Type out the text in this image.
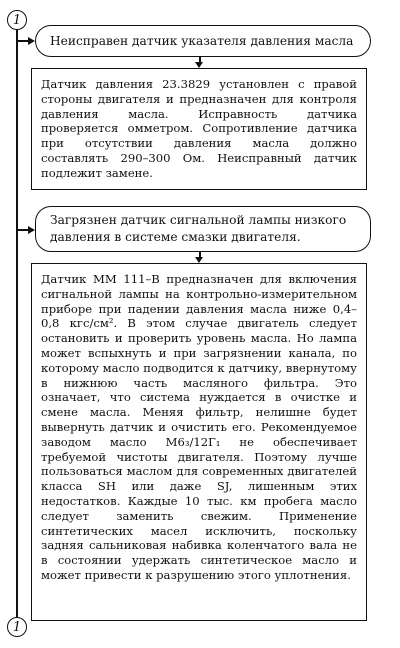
1
Неисправен датчик указателя давления масла
Датчик давления 23.3829 установлен с правой стороны двигателя и предназначен для контроля давления масла. Исправность датчика проверяется омметром. Сопротивление датчика при отсутствии давления масла должно составлять 290–300 Ом. Неисправный датчик подлежит замене.
Загрязнен датчик сигнальной лампы низкого давления в системе смазки двигателя.
Датчик ММ 111–В предназначен для включения сигнальной лампы на контрольно-измерительном приборе при падении давления масла ниже 0,4–0,8 кгс/см². В этом случае двигатель следует остановить и проверить уровень масла. Но лампа может вспыхнуть и при загрязнении канала, по которому масло подводится к датчику, ввернутому в нижнюю часть масляного фильтра. Это означает, что система нуждается в очистке и смене масла. Меняя фильтр, нелишне будет вывернуть датчик и очистить его. Рекомендуемое заводом масло М6₃/12Г₁ не обеспечивает требуемой чистоты двигателя. Поэтому лучше пользоваться маслом для современных двигателей класса SH или даже SJ, лишенным этих недостатков. Каждые 10 тыс. км пробега масло следует заменить свежим. Применение синтетических масел исключить, поскольку задняя сальниковая набивка коленчатого вала не в состоянии удержать синтетическое масло и может привести к разрушению этого уплотнения.
1
